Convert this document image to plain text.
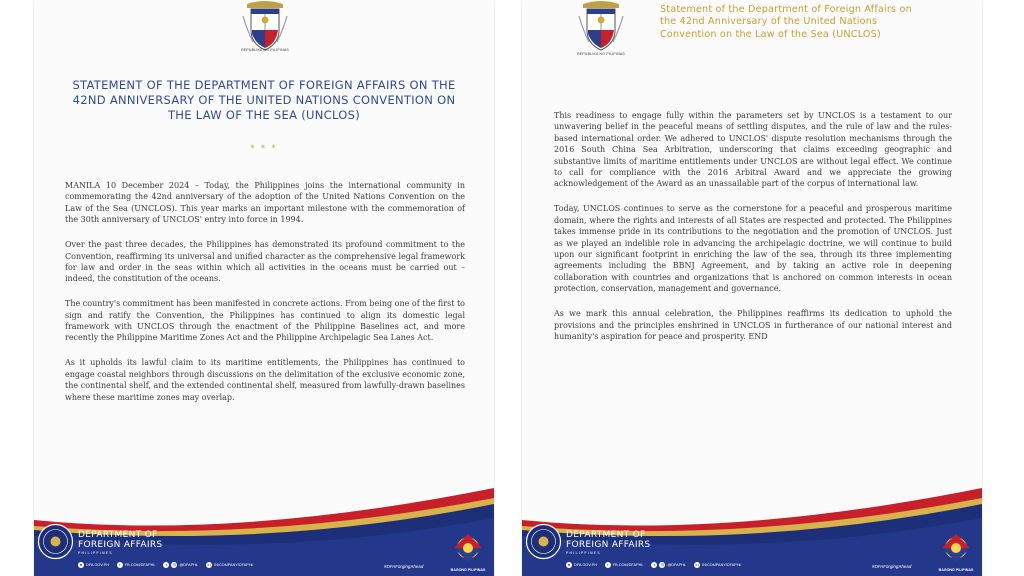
REPUBLIKA NG PILIPINAS
STATEMENT OF THE DEPARTMENT OF FOREIGN AFFAIRS ON THE 42ND ANNIVERSARY OF THE UNITED NATIONS CONVENTION ON THE LAW OF THE SEA (UNCLOS)
* * *

MANILA 10 December 2024 – Today, the Philippines joins the international community in commemorating the 42nd anniversary of the adoption of the United Nations Convention on the Law of the Sea (UNCLOS). This year marks an important milestone with the commemoration of the 30th anniversary of UNCLOS' entry into force in 1994.

Over the past three decades, the Philippines has demonstrated its profound commitment to the Convention, reaffirming its universal and unified character as the comprehensive legal framework for law and order in the seas within which all activities in the oceans must be carried out – indeed, the constitution of the oceans.

The country's commitment has been manifested in concrete actions. From being one of the first to sign and ratify the Convention, the Philippines has continued to align its domestic legal framework with UNCLOS through the enactment of the Philippine Baselines act, and more recently the Philippine Maritime Zones Act and the Philippine Archipelagic Sea Lanes Act.

As it upholds its lawful claim to its maritime entitlements, the Philippines has continued to engage coastal neighbors through discussions on the delimitation of the exclusive economic zone, the continental shelf, and the extended continental shelf, measured from lawfully-drawn baselines where these maritime zones may overlap.

DEPARTMENT OF
FOREIGN AFFAIRS
PHILIPPINES
● DFA.GOV.PH	f	FB.COM/DFAPHL	x	◎ @DFAPHL	in IN/COMPANY/DFAPHL	#DFAForgingAhead
BAGONG PILIPINAS
REPUBLIKA NG PILIPINAS
Statement of the Department of Foreign Affairs on the 42nd Anniversary of the United Nations Convention on the Law of the Sea (UNCLOS)

This readiness to engage fully within the parameters set by UNCLOS is a testament to our unwavering belief in the peaceful means of settling disputes, and the rule of law and the rules-based international order. We adhered to UNCLOS' dispute resolution mechanisms through the 2016 South China Sea Arbitration, underscoring that claims exceeding geographic and substantive limits of maritime entitlements under UNCLOS are without legal effect. We continue to call for compliance with the 2016 Arbitral Award and we appreciate the growing acknowledgement of the Award as an unassailable part of the corpus of international law.

Today, UNCLOS continues to serve as the cornerstone for a peaceful and prosperous maritime domain, where the rights and interests of all States are respected and protected. The Philippines takes immense pride in its contributions to the negotiation and the promotion of UNCLOS. Just as we played an indelible role in advancing the archipelagic doctrine, we will continue to build upon our significant footprint in enriching the law of the sea, through its three implementing agreements including the BBNJ Agreement, and by taking an active role in deepening collaboration with countries and organizations that is anchored on common interests in ocean protection, conservation, management and governance.

As we mark this annual celebration, the Philippines reaffirms its dedication to uphold the provisions and the principles enshrined in UNCLOS in furtherance of our national interest and humanity's aspiration for peace and prosperity. END

DEPARTMENT OF
FOREIGN AFFAIRS
PHILIPPINES
● DFA.GOV.PH	f	FB.COM/DFAPHL	x	◎ @DFAPHL	in IN/COMPANY/DFAPHL	#DFAForgingAhead
BAGONG PILIPINAS
